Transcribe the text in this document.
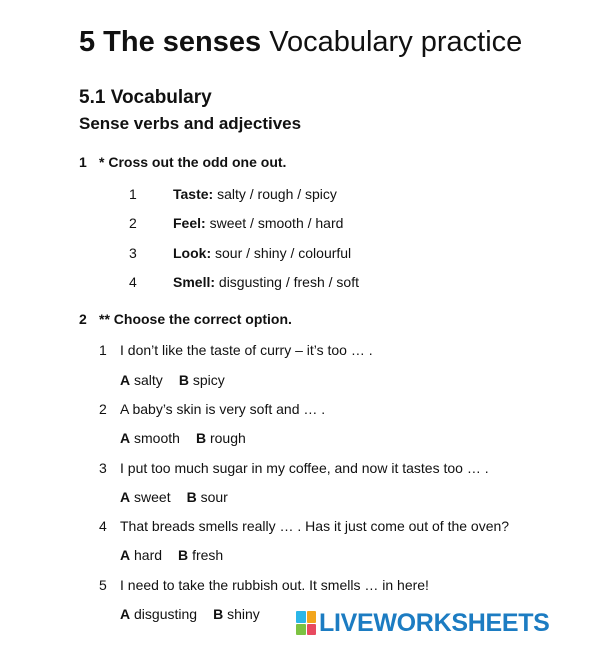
5 The senses Vocabulary practice
5.1 Vocabulary
Sense verbs and adjectives
1 * Cross out the odd one out.
1	Taste: salty / rough / spicy
2	Feel: sweet / smooth / hard
3	Look: sour / shiny / colourful
4	Smell: disgusting / fresh / soft
2 ** Choose the correct option.
1 I don’t like the taste of curry – it’s too … .
A salty B spicy
2 A baby’s skin is very soft and … .
A smooth B rough
3 I put too much sugar in my coffee, and now it tastes too … .
A sweet B sour
4 That breads smells really … . Has it just come out of the oven?
A hard B fresh
5 I need to take the rubbish out. It smells … in here!
A disgusting B shiny LIVEWORKSHEETS
